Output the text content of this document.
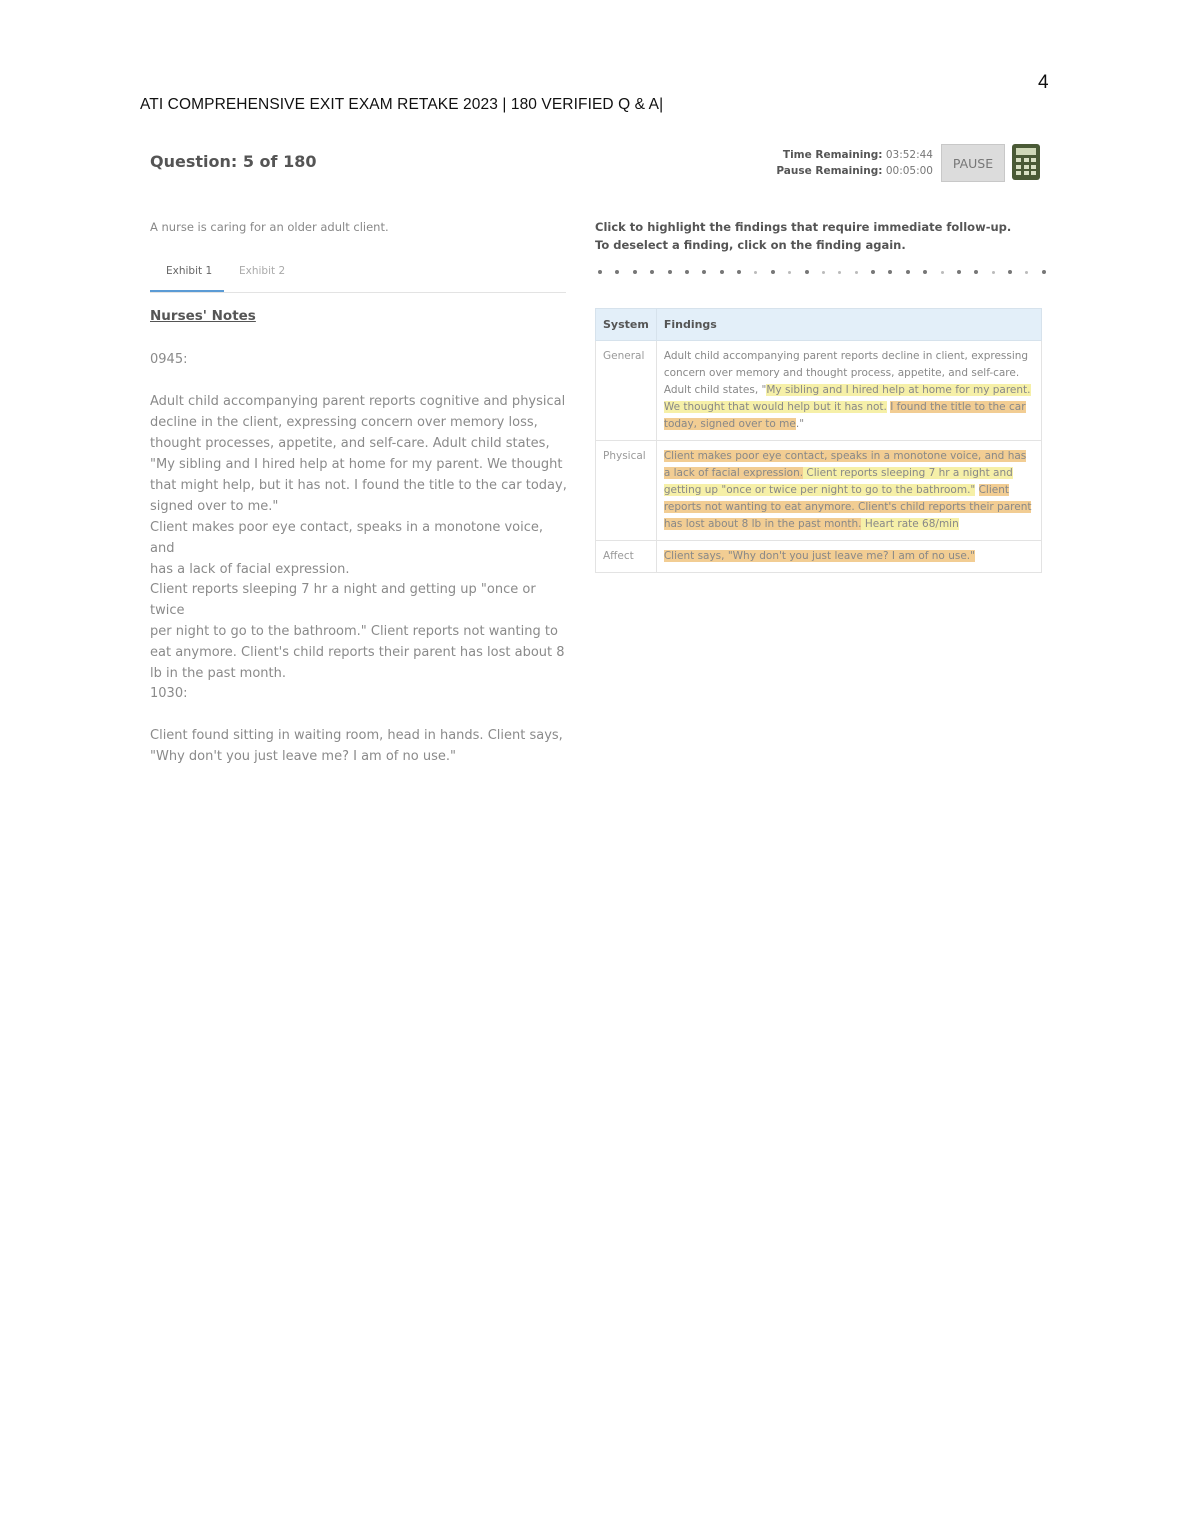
4
ATI COMPREHENSIVE EXIT EXAM RETAKE 2023 | 180 VERIFIED Q & A|
Question: 5 of 180	Time Remaining: 03:52:44
Pause Remaining: 00:05:00
PAUSE
A nurse is caring for an older adult client.
Exhibit 1	Exhibit 2
Nurses' Notes

0945:

Adult child accompanying parent reports cognitive and physical
decline in the client, expressing concern over memory loss,
thought processes, appetite, and self-care. Adult child states,
"My sibling and I hired help at home for my parent. We thought
that might help, but it has not. I found the title to the car today,
signed over to me."
Client makes poor eye contact, speaks in a monotone voice, and
has a lack of facial expression.

Client reports sleeping 7 hr a night and getting up "once or twice
per night to go to the bathroom." Client reports not wanting to
eat anymore. Client's child reports their parent has lost about 8
lb in the past month.

1030:

Client found sitting in waiting room, head in hands. Client says,
"Why don't you just leave me? I am of no use."

Click to highlight the findings that require immediate follow-up. To deselect a finding, click on the finding again.
System	Findings
General	Adult child accompanying parent reports decline in client, expressing concern over memory and thought process, appetite, and self-care. Adult child states, "My sibling and I hired help at home for my parent. We thought that would help but it has not. I found the title to the car today, signed over to me."
Physical	Client makes poor eye contact, speaks in a monotone voice, and has a lack of facial expression. Client reports sleeping 7 hr a night and getting up "once or twice per night to go to the bathroom." Client reports not wanting to eat anymore. Client's child reports their parent has lost about 8 lb in the past month. Heart rate 68/min
Affect	Client says, "Why don't you just leave me? I am of no use."
